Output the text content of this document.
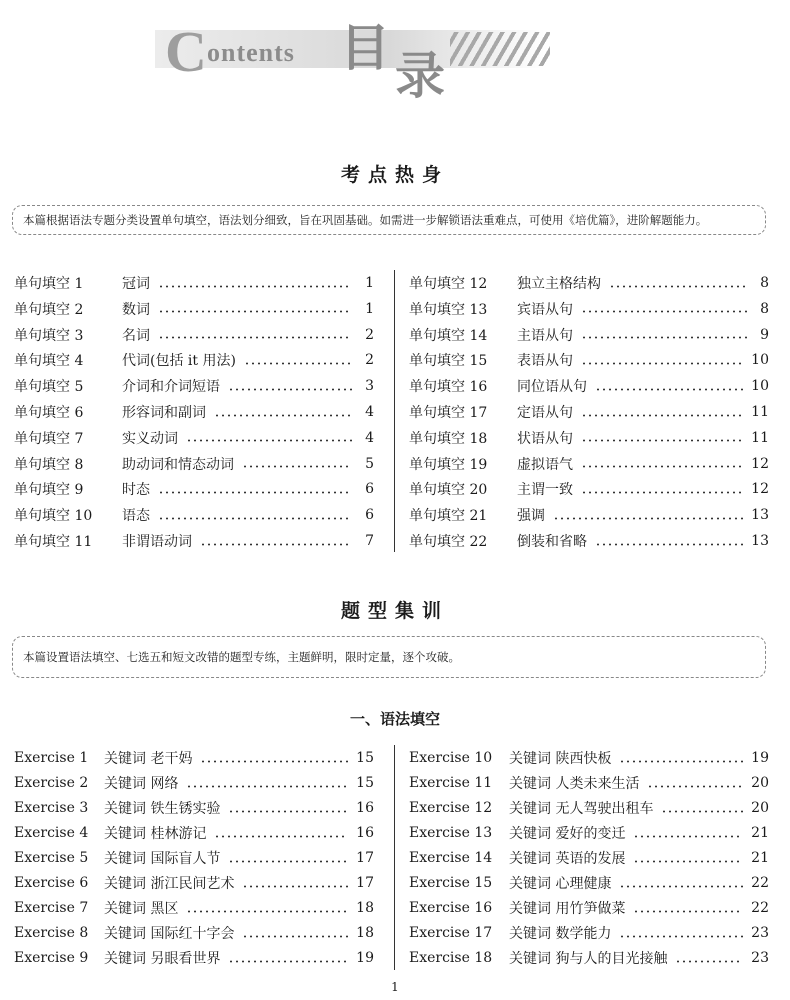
C ontents 目 录
考点热身
本篇根据语法专题分类设置单句填空，语法划分细致，旨在巩固基础。如需进一步解锁语法重难点，可使用《培优篇》，进阶解题能力。
单句填空 1	冠词	1
单句填空 2	数词	1
单句填空 3	名词	2
单句填空 4	代词(包括 it 用法)	2
单句填空 5	介词和介词短语	3
单句填空 6	形容词和副词	4
单句填空 7	实义动词	4
单句填空 8	助动词和情态动词	5
单句填空 9	时态	6
单句填空 10	语态	6
单句填空 11	非谓语动词	7
单句填空 12	独立主格结构	8
单句填空 13	宾语从句	8
单句填空 14	主语从句	9
单句填空 15	表语从句	10
单句填空 16	同位语从句	10
单句填空 17	定语从句	11
单句填空 18	状语从句	11
单句填空 19	虚拟语气	12
单句填空 20	主谓一致	12
单句填空 21	强调	13
单句填空 22	倒装和省略	13
题型集训
本篇设置语法填空、七选五和短文改错的题型专练，主题鲜明，限时定量，逐个攻破。
一、语法填空
Exercise 1	关键词 老干妈	15
Exercise 2	关键词 网络	15
Exercise 3	关键词 铁生锈实验	16
Exercise 4	关键词 桂林游记	16
Exercise 5	关键词 国际盲人节	17
Exercise 6	关键词 浙江民间艺术	17
Exercise 7	关键词 黑区	18
Exercise 8	关键词 国际红十字会	18
Exercise 9	关键词 另眼看世界	19
Exercise 10	关键词 陕西快板	19
Exercise 11	关键词 人类未来生活	20
Exercise 12	关键词 无人驾驶出租车	20
Exercise 13	关键词 爱好的变迁	21
Exercise 14	关键词 英语的发展	21
Exercise 15	关键词 心理健康	22
Exercise 16	关键词 用竹笋做菜	22
Exercise 17	关键词 数学能力	23
Exercise 18	关键词 狗与人的目光接触	23
1
